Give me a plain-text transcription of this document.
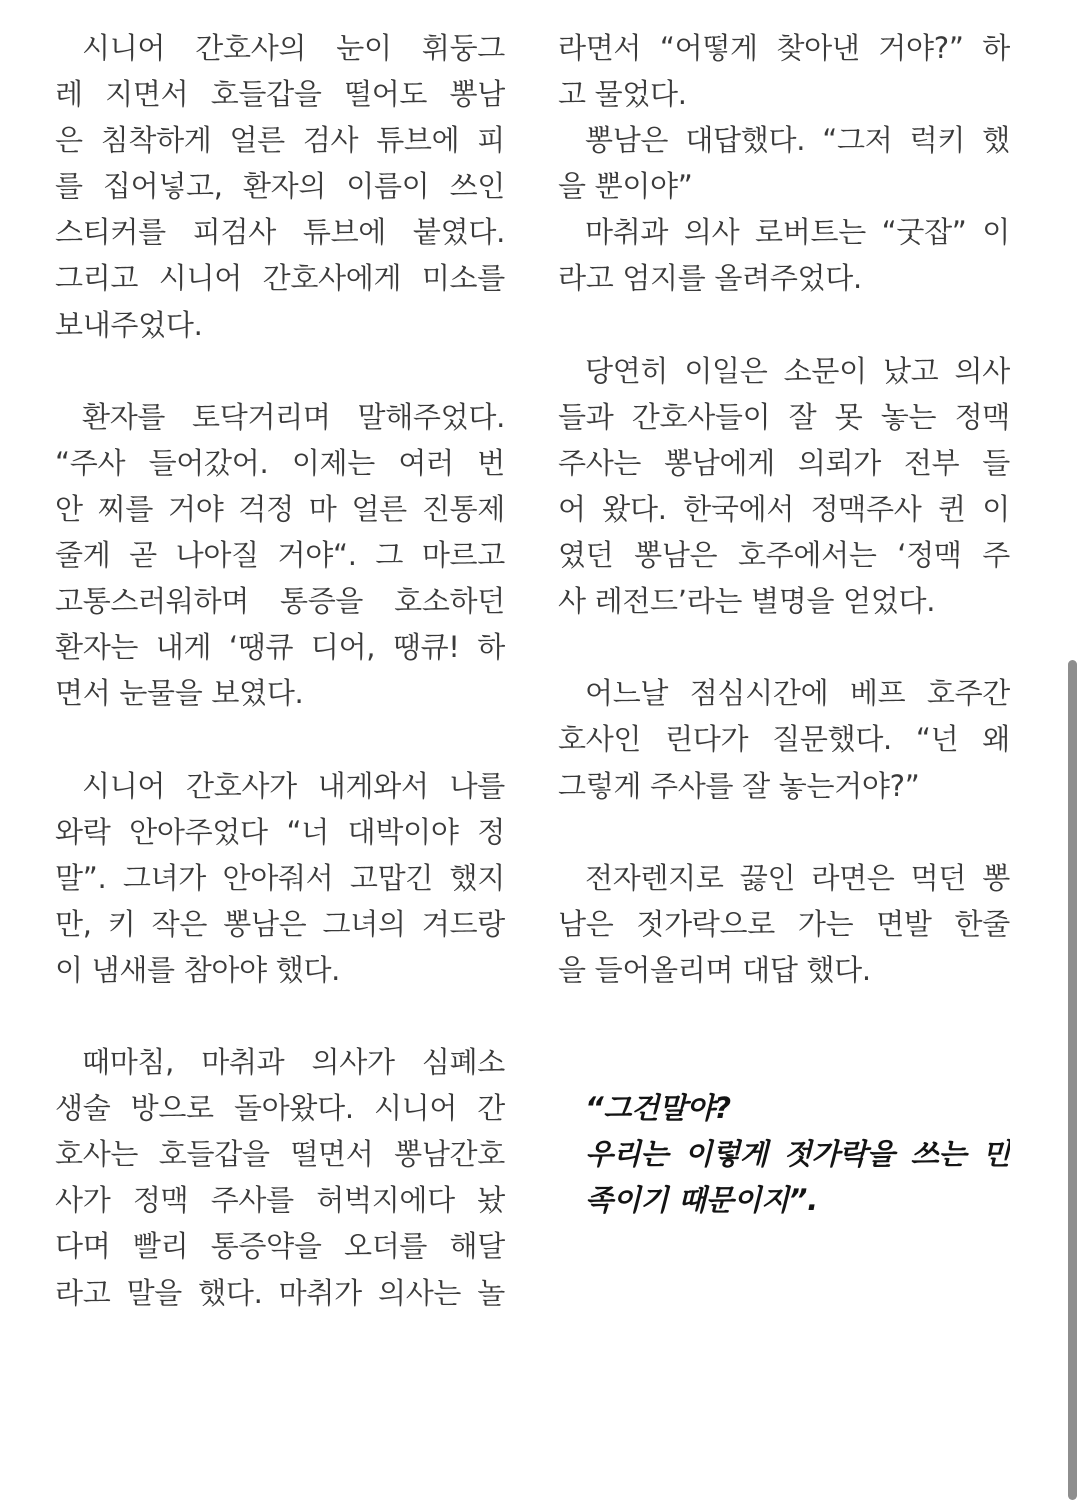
시니어 간호사의 눈이 휘둥그
레 지면서 호들갑을 떨어도 뽕남
은 침착하게 얼른 검사 튜브에 피
를 집어넣고, 환자의 이름이 쓰인
스티커를 피검사 튜브에 붙였다.
그리고 시니어 간호사에게 미소를
보내주었다.
환자를 토닥거리며 말해주었다.
“주사 들어갔어. 이제는 여러 번
안 찌를 거야 걱정 마 얼른 진통제
줄게 곧 나아질 거야“. 그 마르고
고통스러워하며 통증을 호소하던
환자는 내게 ‘땡큐 디어, 땡큐! 하
면서 눈물을 보였다.
시니어 간호사가 내게와서 나를
와락 안아주었다 “너 대박이야 정
말”. 그녀가 안아줘서 고맙긴 했지
만, 키 작은 뽕남은 그녀의 겨드랑
이 냄새를 참아야 했다.
때마침, 마취과 의사가 심폐소
생술 방으로 돌아왔다. 시니어 간
호사는 호들갑을 떨면서 뽕남간호
사가 정맥 주사를 허벅지에다 놨
다며 빨리 통증약을 오더를 해달
라고 말을 했다. 마취가 의사는 놀
라면서 “어떻게 찾아낸 거야?” 하
고 물었다.
뽕남은 대답했다. “그저 럭키 했
을 뿐이야”
마취과 의사 로버트는 “굿잡” 이
라고 엄지를 올려주었다.
당연히 이일은 소문이 났고 의사
들과 간호사들이 잘 못 놓는 정맥
주사는 뽕남에게 의뢰가 전부 들
어 왔다. 한국에서 정맥주사 퀸 이
였던 뽕남은 호주에서는 ‘정맥 주
사 레전드’라는 별명을 얻었다.
어느날 점심시간에 베프 호주간
호사인 린다가 질문했다. “넌 왜
그렇게 주사를 잘 놓는거야?”
전자렌지로 끓인 라면은 먹던 뽕
남은 젓가락으로 가는 면발 한줄
을 들어올리며 대답 했다.
“그건말야?
우리는 이렇게 젓가락을 쓰는 민
족이기 때문이지”.
